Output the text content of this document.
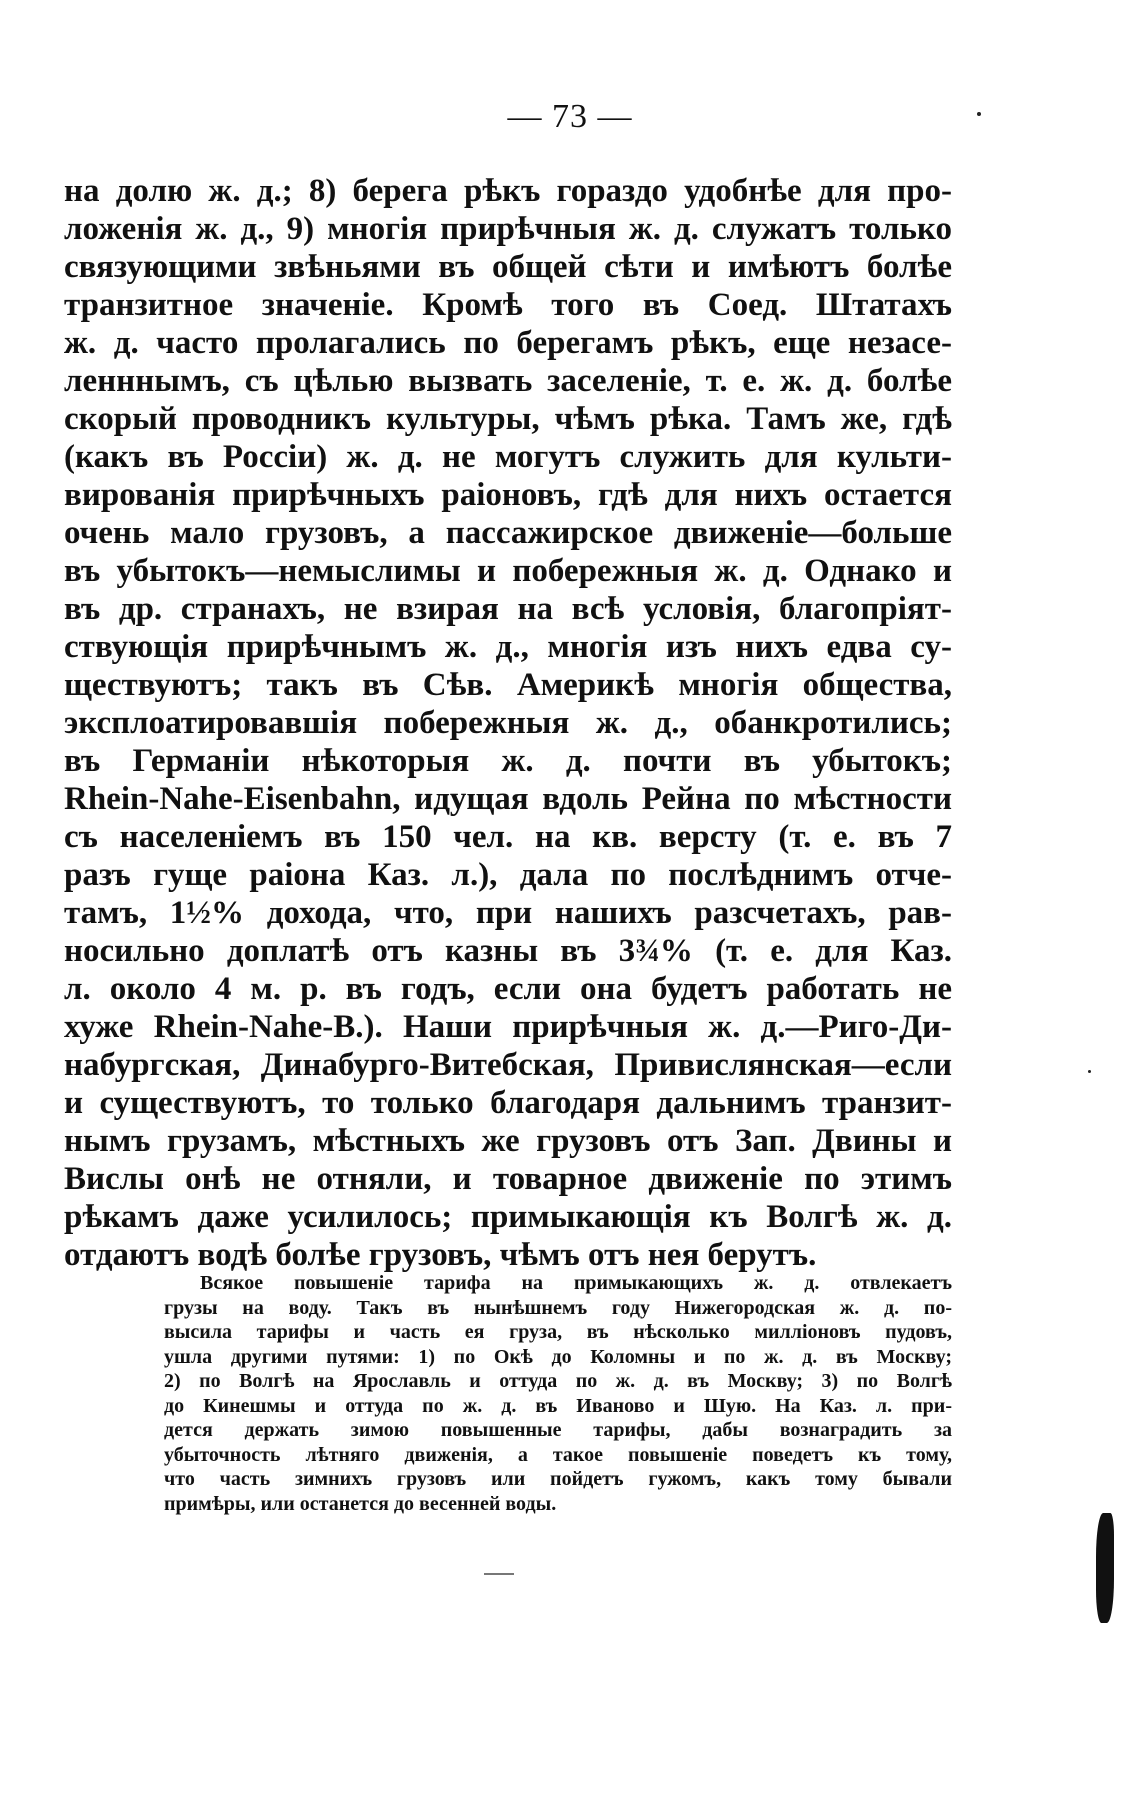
— 73 —
на долю ж. д.; 8) берега рѣкъ гораздо удобнѣе для про-
ложенія ж. д., 9) многія прирѣчныя ж. д. служатъ только
связующими звѣньями въ общей сѣти и имѣютъ болѣе
транзитное значеніе. Кромѣ того въ Соед. Штатахъ
ж. д. часто пролагались по берегамъ рѣкъ, еще незасе-
ленннымъ, съ цѣлью вызвать заселеніе, т. е. ж. д. болѣе
скорый проводникъ культуры, чѣмъ рѣка. Тамъ же, гдѣ
(какъ въ Россіи) ж. д. не могутъ служить для культи-
вированія прирѣчныхъ раіоновъ, гдѣ для нихъ остается
очень мало грузовъ, а пассажирское движеніе—больше
въ убытокъ—немыслимы и побережныя ж. д. Однако и
въ др. странахъ, не взирая на всѣ условія, благопріят-
ствующія прирѣчнымъ ж. д., многія изъ нихъ едва су-
ществуютъ; такъ въ Сѣв. Америкѣ многія общества,
эксплоатировавшія побережныя ж. д., обанкротились;
въ Германіи нѣкоторыя ж. д. почти въ убытокъ;
Rhein-Nahe-Eisenbahn, идущая вдоль Рейна по мѣстности
съ населеніемъ въ 150 чел. на кв. версту (т. е. въ 7
разъ гуще раіона Каз. л.), дала по послѣднимъ отче-
тамъ, 1½% дохода, что, при нашихъ разсчетахъ, рав-
носильно доплатѣ отъ казны въ 3¾% (т. е. для Каз.
л. около 4 м. р. въ годъ, если она будетъ работать не
хуже Rhein-Nahe-B.). Наши прирѣчныя ж. д.—Риго-Ди-
набургская, Динабурго-Витебская, Привислянская—если
и существуютъ, то только благодаря дальнимъ транзит-
нымъ грузамъ, мѣстныхъ же грузовъ отъ Зап. Двины и
Вислы онѣ не отняли, и товарное движеніе по этимъ
рѣкамъ даже усилилось; примыкающія къ Волгѣ ж. д.
отдаютъ водѣ болѣе грузовъ, чѣмъ отъ нея берутъ.
Всякое повышеніе тарифа на примыкающихъ ж. д. отвлекаетъ
грузы на воду. Такъ въ нынѣшнемъ году Нижегородская ж. д. по-
высила тарифы и часть ея груза, въ нѣсколько милліоновъ пудовъ,
ушла другими путями: 1) по Окѣ до Коломны и по ж. д. въ Москву;
2) по Волгѣ на Ярославль и оттуда по ж. д. въ Москву; 3) по Волгѣ
до Кинешмы и оттуда по ж. д. въ Иваново и Шую. На Каз. л. при-
дется держать зимою повышенные тарифы, дабы вознаградить за
убыточность лѣтняго движенія, а такое повышеніе поведетъ къ тому,
что часть зимнихъ грузовъ или пойдетъ гужомъ, какъ тому бывали
примѣры, или останется до весенней воды.
